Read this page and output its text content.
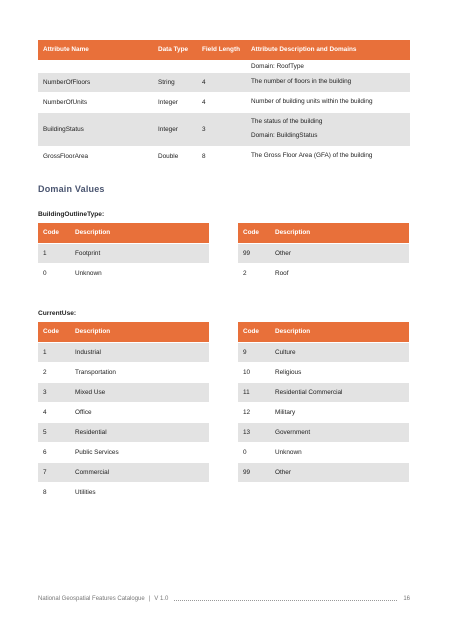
Attribute Name	Data Type	Field Length	Attribute Description and Domains
			Domain: RoofType
NumberOfFloors	String	4	The number of floors in the building

NumberOfUnits	Integer	4	Number of building units within the building

BuildingStatus	Integer	3	The status of the building
Domain: BuildingStatus

GrossFloorArea	Double	8	The Gross Floor Area (GFA) of the building
Domain Values
BuildingOutlineType:
Code	Description
1	Footprint
0	Unknown
Code	Description
99	Other
2	Roof
CurrentUse:
Code	Description
1	Industrial
2	Transportation
3	Mixed Use
4	Office
5	Residential
6	Public Services
7	Commercial
8	Utilities
Code	Description
9	Culture
10	Religious
11	Residential Commercial
12	Military
13	Government
0	Unknown
99	Other
National Geospatial Features Catalogue | V 1.0	16
